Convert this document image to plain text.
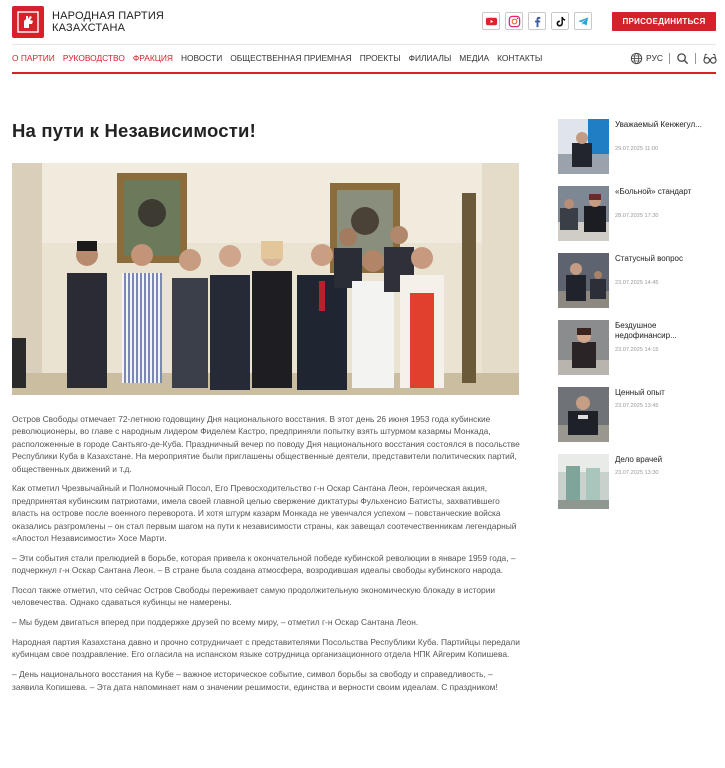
НАРОДНАЯ ПАРТИЯ
КАЗАХСТАНА
ПРИСОЕДИНИТЬСЯ
О ПАРТИИ РУКОВОДСТВО ФРАКЦИЯ НОВОСТИ ОБЩЕСТВЕННАЯ ПРИЕМНАЯ ПРОЕКТЫ ФИЛИАЛЫ МЕДИА КОНТАКТЫ	РУС
На пути к Независимости!

Остров Свободы отмечает 72-летнюю годовщину Дня национального восстания. В этот день 26 июня 1953 года кубинские революционеры, во главе с народным лидером Фиделем Кастро, предприняли попытку взять штурмом казармы Монкада, расположенные в городе Сантьяго-де-Куба. Праздничный вечер по поводу Дня национального восстания состоялся в посольстве Республики Куба в Казахстане. На мероприятие были приглашены общественные деятели, представители политических партий, общественных движений и т.д.

Как отметил Чрезвычайный и Полномочный Посол, Его Превосходительство г-н Оскар Сантана Леон, героическая акция, предпринятая кубинским патриотами, имела своей главной целью свержение диктатуры Фульхенсио Батисты, захватившего власть на острове после военного переворота. И хотя штурм казарм Монкада не увенчался успехом – повстанческие войска оказались разгромлены – он стал первым шагом на пути к независимости страны, как завещал соотечественникам легендарный «Апостол Независимости» Хосе Марти.

– Эти события стали прелюдией в борьбе, которая привела к окончательной победе кубинской революции в январе 1959 года, – подчеркнул г-н Оскар Сантана Леон. – В стране была создана атмосфера, возродившая идеалы свободы кубинского народа.

Посол также отметил, что сейчас Остров Свободы переживает самую продолжительную экономическую блокаду в истории человечества. Однако сдаваться кубинцы не намерены.

– Мы будем двигаться вперед при поддержке друзей по всему миру, – отметил г-н Оскар Сантана Леон.

Народная партия Казахстана давно и прочно сотрудничает с представителями Посольства Республики Куба. Партийцы передали кубинцам свое поздравление. Его огласила на испанском языке сотрудница организационного отдела НПК Айгерим Копишева.

– День национального восстания на Кубе – важное историческое событие, символ борьбы за свободу и справедливость, – заявила Копишева. – Эта дата напоминает нам о значении решимости, единства и верности своим идеалам. С праздником!

Уважаемый Кенжегул...
29.07.2025 11:00
«Больной» стандарт
28.07.2025 17:30
Статусный вопрос
23.07.2025 14:45
Бездушное недофинансир...
23.07.2025 14:15
Ценный опыт
23.07.2025 13:45
Дело врачей
23.07.2025 13:30
